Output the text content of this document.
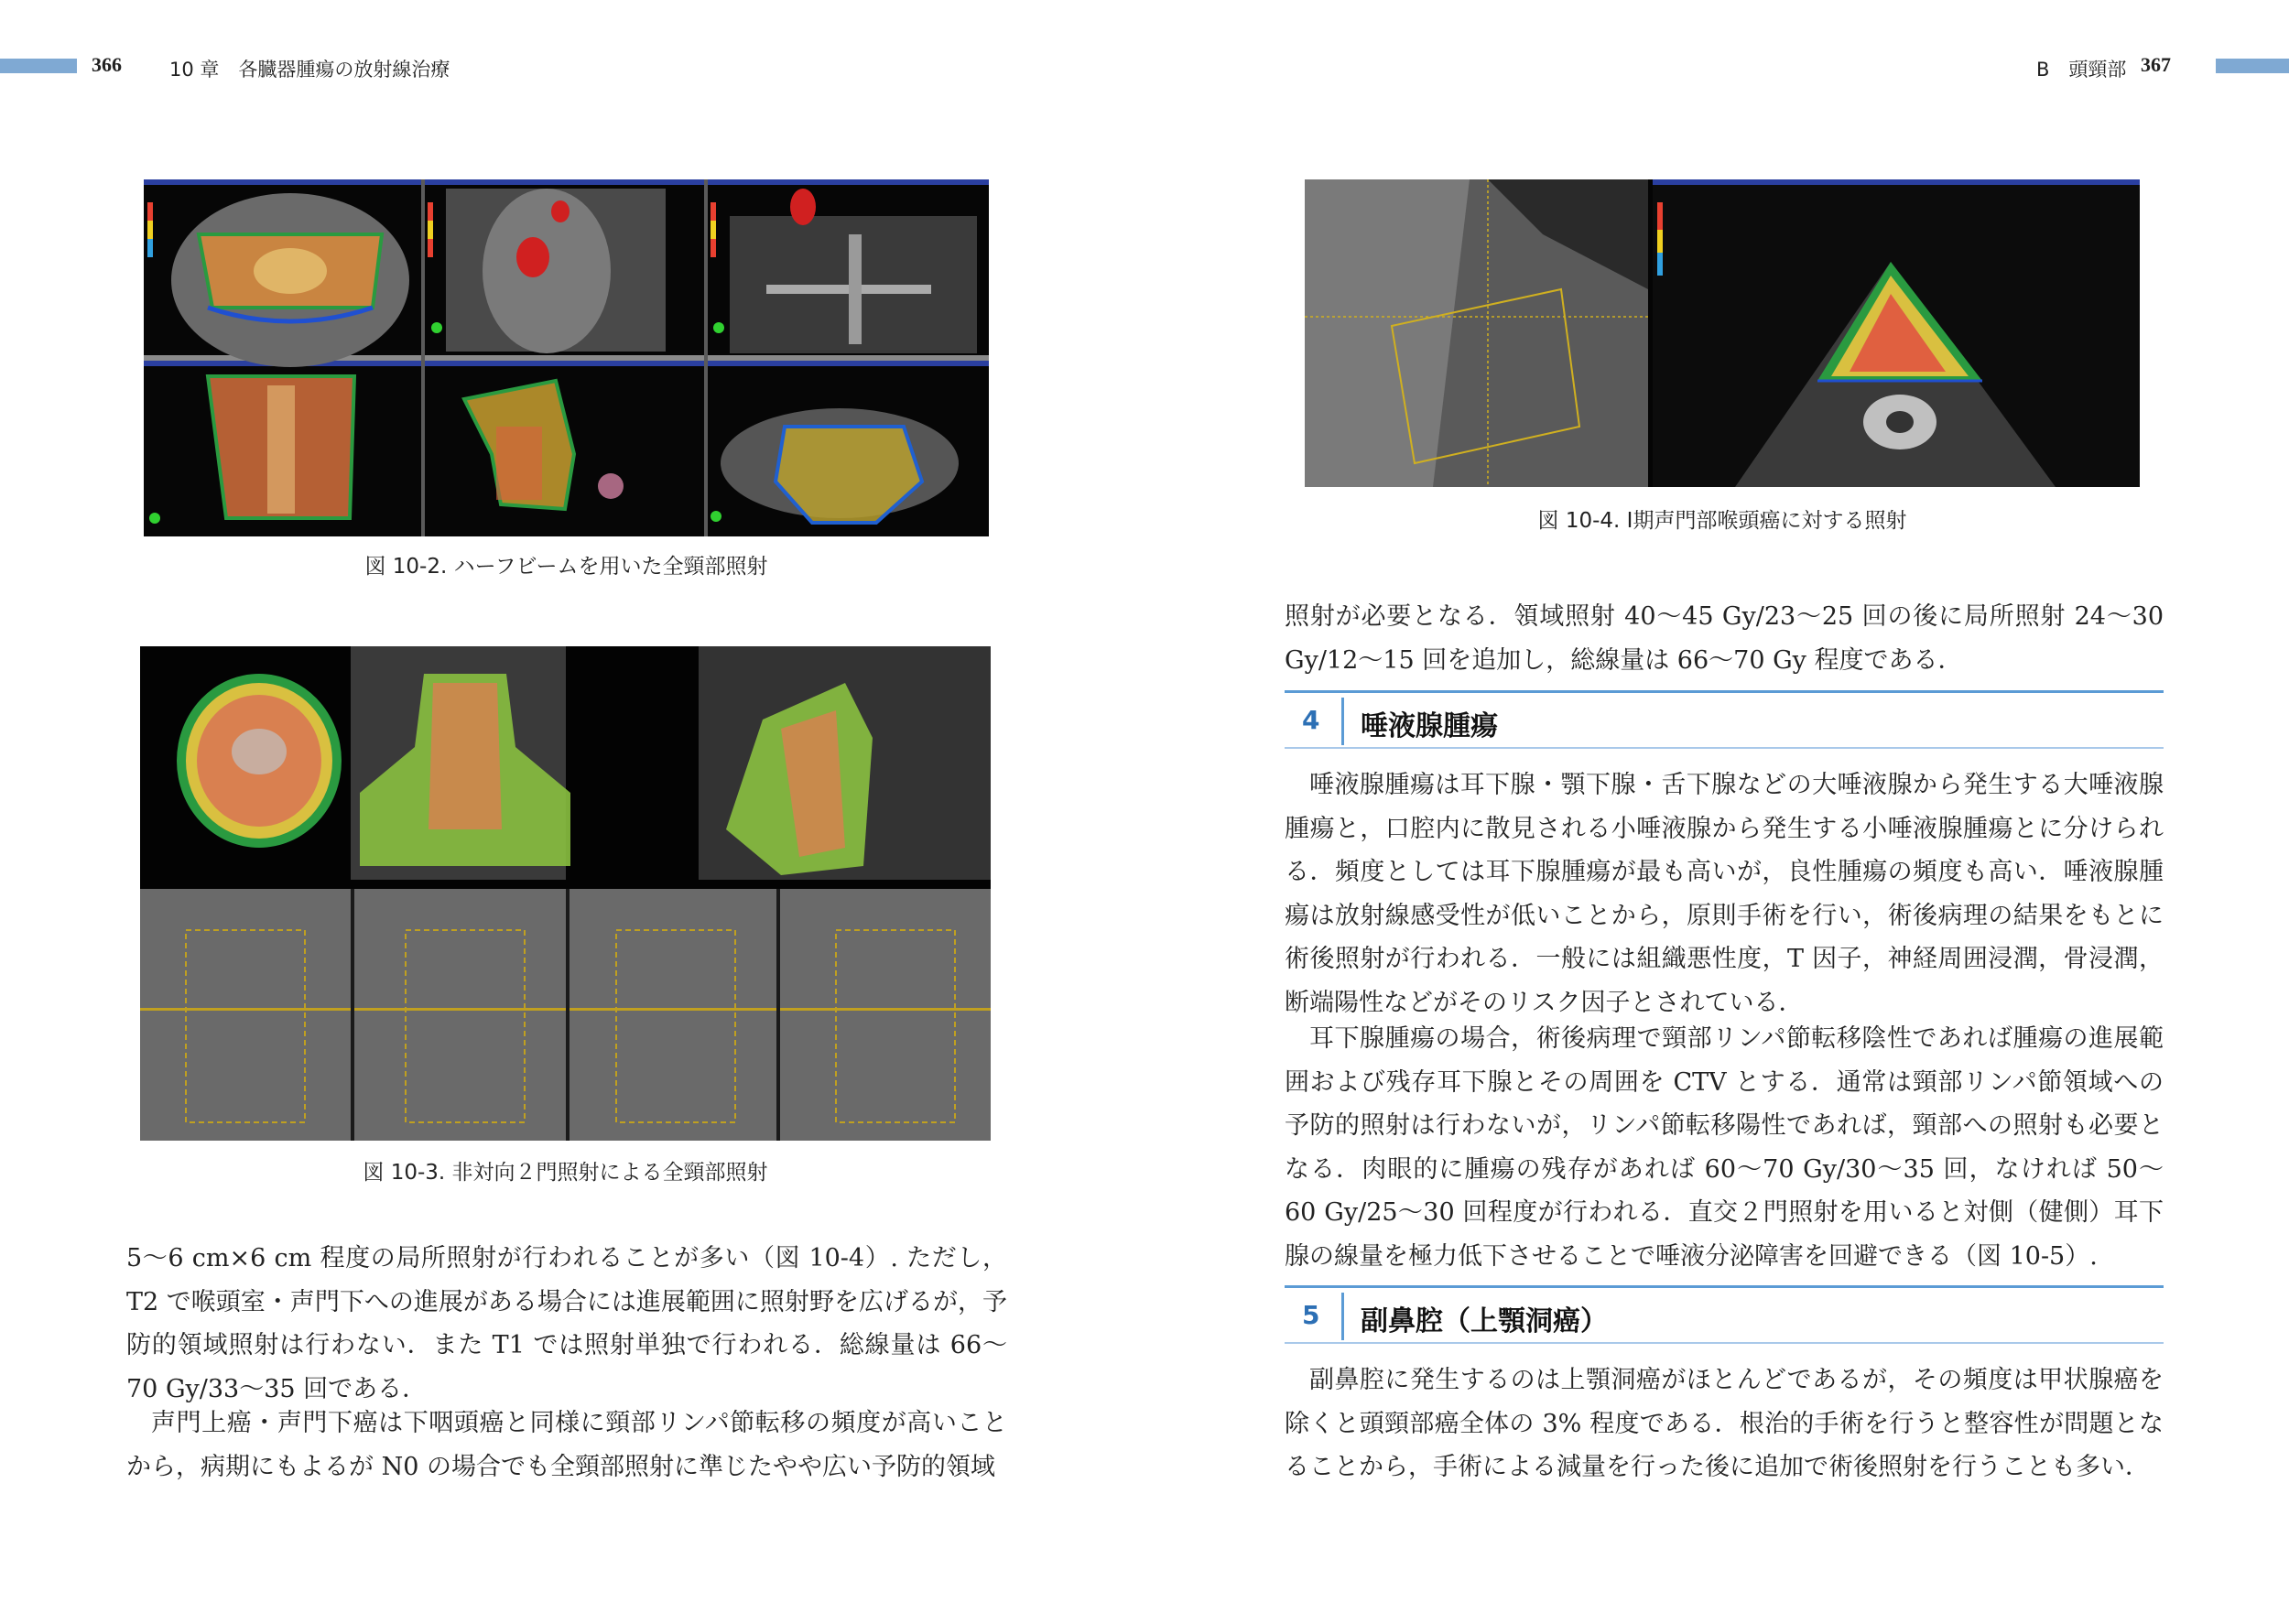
366 10 章　各臓器腫瘍の放射線治療	B　頭頸部 367
図 10-2. ハーフビームを用いた全頸部照射
図 10-3. 非対向２門照射による全頸部照射

5〜6 cm×6 cm 程度の局所照射が行われることが多い（図 10-4）. ただし，T2 で喉頭室・声門下への進展がある場合には進展範囲に照射野を広げるが，予防的領域照射は行わない．また T1 では照射単独で行われる．総線量は 66〜70 Gy/33〜35 回である．

声門上癌・声門下癌は下咽頭癌と同様に頸部リンパ節転移の頻度が高いことから，病期にもよるが N0 の場合でも全頸部照射に準じたやや広い予防的領域

図 10-4. Ⅰ期声門部喉頭癌に対する照射

照射が必要となる．領域照射 40〜45 Gy/23〜25 回の後に局所照射 24〜30 Gy/12〜15 回を追加し，総線量は 66〜70 Gy 程度である．

4 唾液腺腫瘍

唾液腺腫瘍は耳下腺・顎下腺・舌下腺などの大唾液腺から発生する大唾液腺腫瘍と，口腔内に散見される小唾液腺から発生する小唾液腺腫瘍とに分けられる．頻度としては耳下腺腫瘍が最も高いが，良性腫瘍の頻度も高い．唾液腺腫瘍は放射線感受性が低いことから，原則手術を行い，術後病理の結果をもとに術後照射が行われる．一般には組織悪性度，T 因子，神経周囲浸潤，骨浸潤，断端陽性などがそのリスク因子とされている．

耳下腺腫瘍の場合，術後病理で頸部リンパ節転移陰性であれば腫瘍の進展範囲および残存耳下腺とその周囲を CTV とする．通常は頸部リンパ節領域への予防的照射は行わないが，リンパ節転移陽性であれば，頸部への照射も必要となる．肉眼的に腫瘍の残存があれば 60〜70 Gy/30〜35 回，なければ 50〜60 Gy/25〜30 回程度が行われる．直交２門照射を用いると対側（健側）耳下腺の線量を極力低下させることで唾液分泌障害を回避できる（図 10-5）.

5 副鼻腔（上顎洞癌）

副鼻腔に発生するのは上顎洞癌がほとんどであるが，その頻度は甲状腺癌を除くと頭頸部癌全体の 3% 程度である．根治的手術を行うと整容性が問題となることから，手術による減量を行った後に追加で術後照射を行うことも多い．
